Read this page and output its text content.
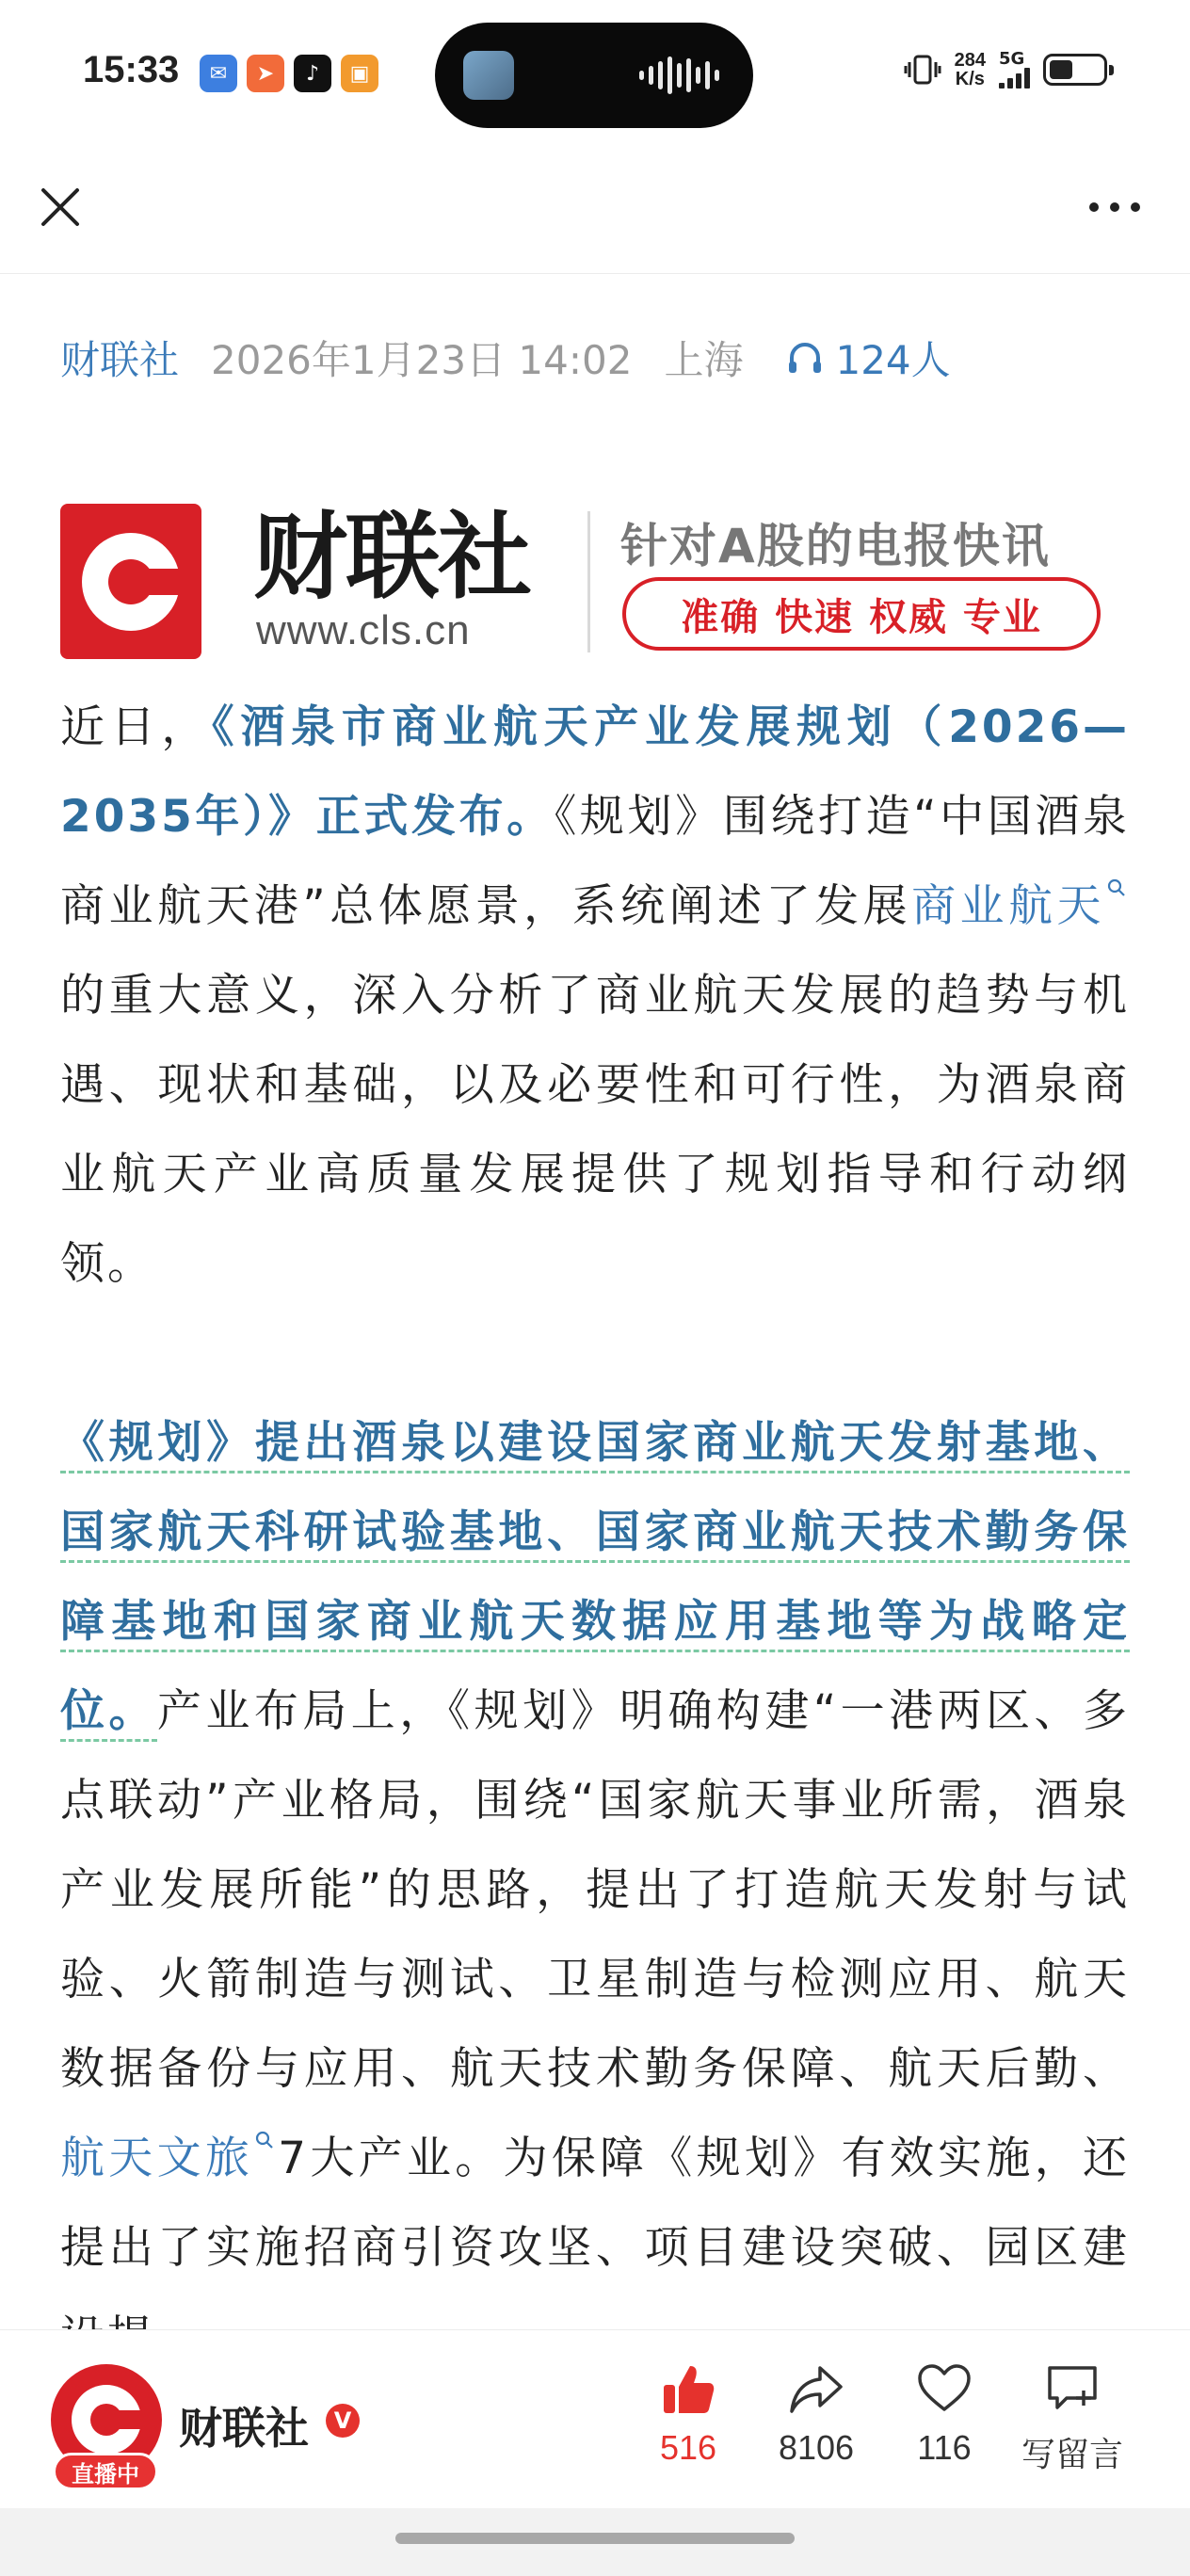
15:33	✉	➤	♪	▣
284
K/s
5G
财联社 2026年1月23日 14:02 上海 124人
财联社
www.cls.cn
针对A股的电报快讯
准确 快速 权威 专业

近日，《酒泉市商业航天产业发展规划（2026—2035年）》正式发布。《规划》围绕打造“中国酒泉商业航天港”总体愿景，系统阐述了发展商业航天的重大意义，深入分析了商业航天发展的趋势与机遇、现状和基础，以及必要性和可行性，为酒泉商业航天产业高质量发展提供了规划指导和行动纲领。

《规划》提出酒泉以建设国家商业航天发射基地、国家航天科研试验基地、国家商业航天技术勤务保障基地和国家商业航天数据应用基地等为战略定位。产业布局上，《规划》明确构建“一港两区、多点联动”产业格局，围绕“国家航天事业所需，酒泉产业发展所能”的思路，提出了打造航天发射与试验、火箭制造与测试、卫星制造与检测应用、航天数据备份与应用、航天技术勤务保障、航天后勤、航天文旅 7大产业。为保障《规划》有效实施，还提出了实施招商引资攻坚、项目建设突破、园区建

直播中
财联社	V
516	8106	116	写留言
